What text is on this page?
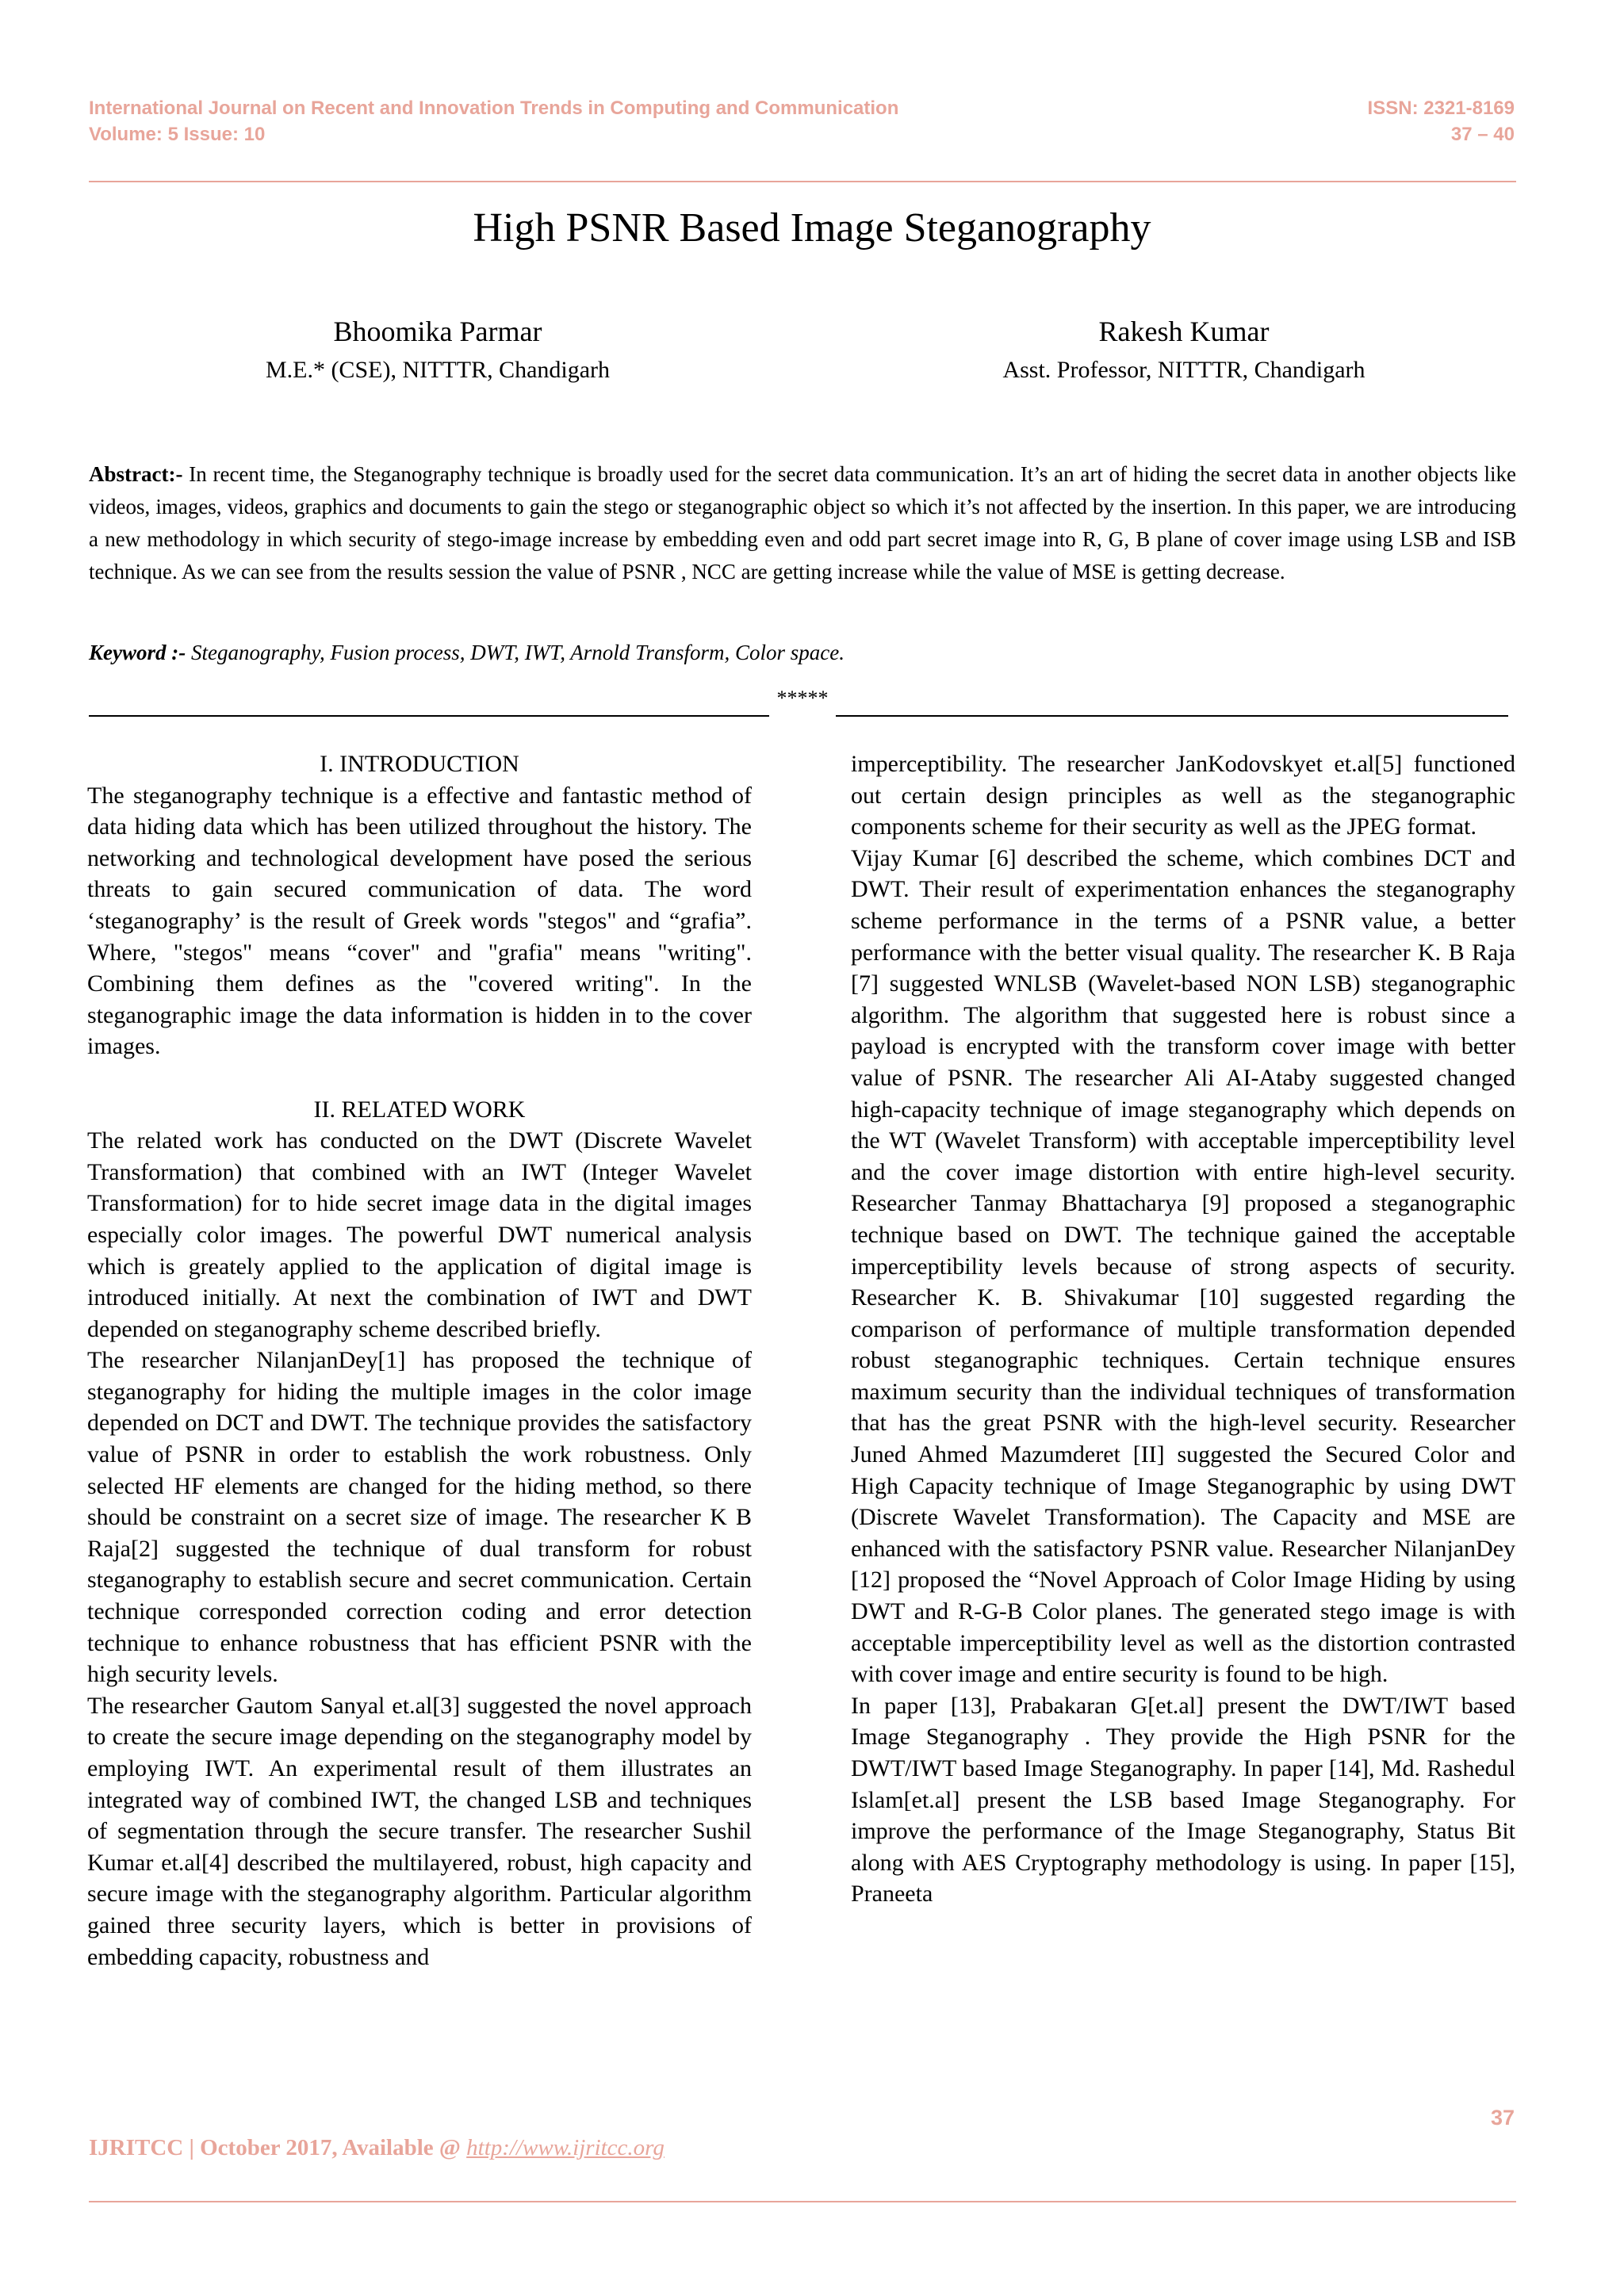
International Journal on Recent and Innovation Trends in Computing and Communication
Volume: 5 Issue: 10
ISSN: 2321-8169
37 – 40
High PSNR Based Image Steganography
Bhoomika Parmar
M.E.* (CSE), NITTTR, Chandigarh
Rakesh Kumar
Asst. Professor, NITTTR, Chandigarh
Abstract:- In recent time, the Steganography technique is broadly used for the secret data communication. It’s an art of hiding the secret data in another objects like videos, images, videos, graphics and documents to gain the stego or steganographic object so which it’s not affected by the insertion. In this paper, we are introducing a new methodology in which security of stego-image increase by embedding even and odd part secret image into R, G, B plane of cover image using LSB and ISB technique. As we can see from the results session the value of PSNR , NCC are getting increase while the value of MSE is getting decrease.
Keyword :- Steganography, Fusion process, DWT, IWT, Arnold Transform, Color space.
*****

I. INTRODUCTION

The steganography technique is a effective and fantastic method of data hiding data which has been utilized throughout the history. The networking and technological development have posed the serious threats to gain secured communication of data. The word ‘steganography’ is the result of Greek words "stegos" and “grafia”. Where, "stegos" means “cover" and "grafia" means "writing". Combining them defines as the "covered writing". In the steganographic image the data information is hidden in to the cover images.

II. RELATED WORK

The related work has conducted on the DWT (Discrete Wavelet Transformation) that combined with an IWT (Integer Wavelet Transformation) for to hide secret image data in the digital images especially color images. The powerful DWT numerical analysis which is greately applied to the application of digital image is introduced initially. At next the combination of IWT and DWT depended on steganography scheme described briefly.

The researcher NilanjanDey[1] has proposed the technique of steganography for hiding the multiple images in the color image depended on DCT and DWT. The technique provides the satisfactory value of PSNR in order to establish the work robustness. Only selected HF elements are changed for the hiding method, so there should be constraint on a secret size of image. The researcher K B Raja[2] suggested the technique of dual transform for robust steganography to establish secure and secret communication. Certain technique corresponded correction coding and error detection technique to enhance robustness that has efficient PSNR with the high security levels.

The researcher Gautom Sanyal et.al[3] suggested the novel approach to create the secure image depending on the steganography model by employing IWT. An experimental result of them illustrates an integrated way of combined IWT, the changed LSB and techniques of segmentation through the secure transfer. The researcher Sushil Kumar et.al[4] described the multilayered, robust, high capacity and secure image with the steganography algorithm. Particular algorithm gained three security layers, which is better in provisions of embedding capacity, robustness and

imperceptibility. The researcher JanKodovskyet et.al[5] functioned out certain design principles as well as the steganographic components scheme for their security as well as the JPEG format.

Vijay Kumar [6] described the scheme, which combines DCT and DWT. Their result of experimentation enhances the steganography scheme performance in the terms of a PSNR value, a better performance with the better visual quality. The researcher K. B Raja [7] suggested WNLSB (Wavelet-based NON LSB) steganographic algorithm. The algorithm that suggested here is robust since a payload is encrypted with the transform cover image with better value of PSNR. The researcher Ali AI-Ataby suggested changed high-capacity technique of image steganography which depends on the WT (Wavelet Transform) with acceptable imperceptibility level and the cover image distortion with entire high-level security. Researcher Tanmay Bhattacharya [9] proposed a steganographic technique based on DWT. The technique gained the acceptable imperceptibility levels because of strong aspects of security. Researcher K. B. Shivakumar [10] suggested regarding the comparison of performance of multiple transformation depended robust steganographic techniques. Certain technique ensures maximum security than the individual techniques of transformation that has the great PSNR with the high-level security. Researcher Juned Ahmed Mazumderet [II] suggested the Secured Color and High Capacity technique of Image Steganographic by using DWT (Discrete Wavelet Transformation). The Capacity and MSE are enhanced with the satisfactory PSNR value. Researcher NilanjanDey [12] proposed the “Novel Approach of Color Image Hiding by using DWT and R-G-B Color planes. The generated stego image is with acceptable imperceptibility level as well as the distortion contrasted with cover image and entire security is found to be high.

In paper [13], Prabakaran G[et.al] present the DWT/IWT based Image Steganography . They provide the High PSNR for the DWT/IWT based Image Steganography. In paper [14], Md. Rashedul Islam[et.al] present the LSB based Image Steganography. For improve the performance of the Image Steganography, Status Bit along with AES Cryptography methodology is using. In paper [15], Praneeta

37
IJRITCC | October 2017, Available @ http://www.ijritcc.org
